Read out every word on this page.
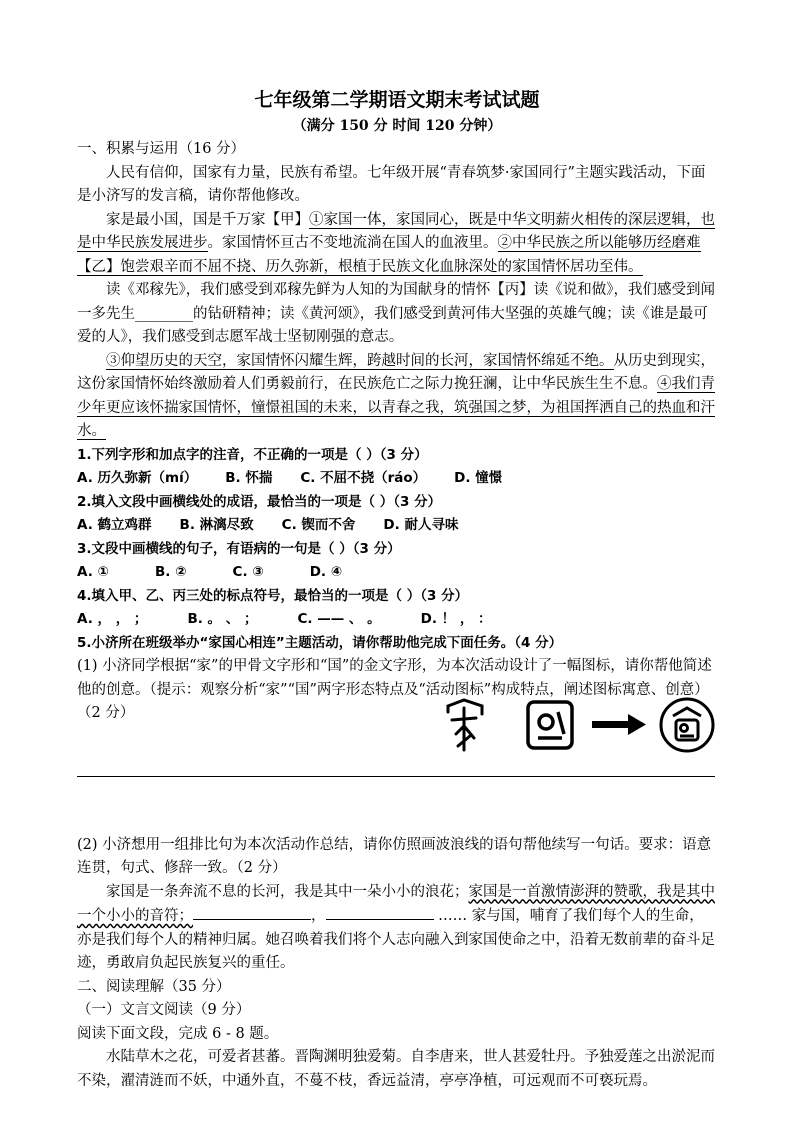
七年级第二学期语文期末考试试题

（满分 150 分 时间 120 分钟）

一、积累与运用（16 分）

人民有信仰，国家有力量，民族有希望。七年级开展“青春筑梦·家国同行”主题实践活动，下面是小济写的发言稿，请你帮他修改。

家是最小国，国是千万家【甲】①家国一体，家国同心，既是中华文明薪火相传的深层逻辑，也是中华民族发展进步。家国情怀亘古不变地流淌在国人的血液里。②中华民族之所以能够历经磨难【乙】饱尝艰辛而不屈不挠、历久弥新，根植于民族文化血脉深处的家国情怀居功至伟。

读《邓稼先》，我们感受到邓稼先鲜为人知的为国献身的情怀【丙】读《说和做》，我们感受到闻一多先生________的钻研精神；读《黄河颂》，我们感受到黄河伟大坚强的英雄气魄；读《谁是最可爱的人》，我们感受到志愿军战士坚韧刚强的意志。

③仰望历史的天空，家国情怀闪耀生辉，跨越时间的长河，家国情怀绵延不绝。从历史到现实，这份家国情怀始终激励着人们勇毅前行，在民族危亡之际力挽狂澜，让中华民族生生不息。④我们青少年更应该怀揣家国情怀，憧憬祖国的未来，以青春之我，筑强国之梦，为祖国挥洒自己的热血和汗水。

1.下列字形和加点字的注音，不正确的一项是（ ）（3 分）

A. 历久弥新（mí） B. 怀揣 C. 不屈不挠（ráo） D. 憧憬

2.填入文段中画横线处的成语，最恰当的一项是（ ）（3 分）

A. 鹤立鸡群 B. 淋漓尽致 C. 锲而不舍 D. 耐人寻味

3.文段中画横线的句子，有语病的一句是（ ）（3 分）

A. ①	B. ②	C. ③	D. ④

4.填入甲、乙、丙三处的标点符号，最恰当的一项是（ ）（3 分）

A. ， ， ；	B. 。 、 ；	C. —— 、 。	D. ！ ， ：

5.小济所在班级举办“家国心相连”主题活动，请你帮助他完成下面任务。（4 分）

(1) 小济同学根据“家”的甲骨文字形和“国”的金文字形，为本次活动设计了一幅图标，请你帮他简述他的创意。（提示：观察分析“家”“国”两字形态特点及“活动图标”构成特点，阐述图标寓意、创意）（2 分）

(2) 小济想用一组排比句为本次活动作总结，请你仿照画波浪线的语句帮他续写一句话。要求：语意连贯，句式、修辞一致。（2 分）

家国是一条奔流不息的长河，我是其中一朵小小的浪花；家国是一首激情澎湃的赞歌，我是其中一个小小的音符；	，	…… 家与国，哺育了我们每个人的生命，亦是我们每个人的精神归属。她召唤着我们将个人志向融入到家国使命之中，沿着无数前辈的奋斗足迹，勇敢肩负起民族复兴的重任。

二、阅读理解（35 分）

（一）文言文阅读（9 分）

阅读下面文段，完成 6 - 8 题。

水陆草木之花，可爱者甚蕃。晋陶渊明独爱菊。自李唐来，世人甚爱牡丹。予独爱莲之出淤泥而不染，濯清涟而不妖，中通外直，不蔓不枝，香远益清，亭亭净植，可远观而不可亵玩焉。
